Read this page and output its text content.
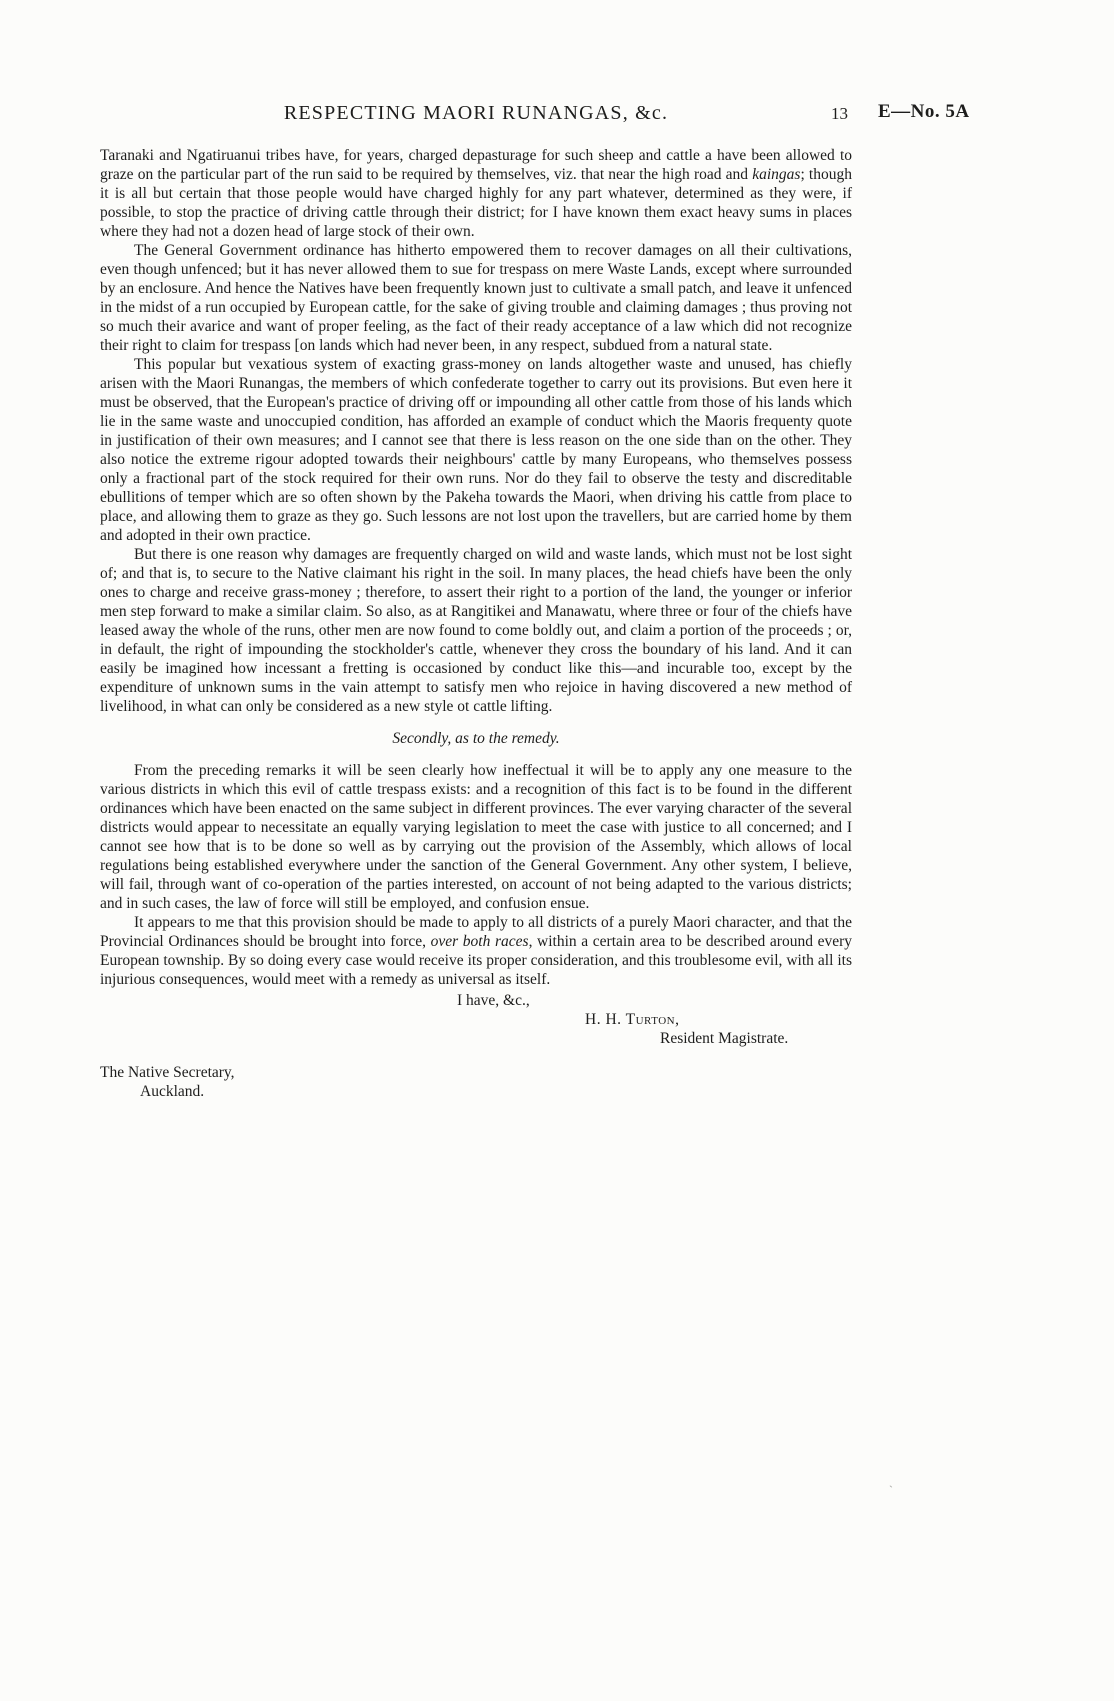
RESPECTING MAORI RUNANGAS, &c.	13 E—No. 5A

Taranaki and Ngatiruanui tribes have, for years, charged depasturage for such sheep and cattle a have been allowed to graze on the particular part of the run said to be required by themselves, viz. that near the high road and kaingas; though it is all but certain that those people would have charged highly for any part whatever, determined as they were, if possible, to stop the practice of driving cattle through their district; for I have known them exact heavy sums in places where they had not a dozen head of large stock of their own.

The General Government ordinance has hitherto empowered them to recover damages on all their cultivations, even though unfenced; but it has never allowed them to sue for trespass on mere Waste Lands, except where surrounded by an enclosure. And hence the Natives have been frequently known just to cultivate a small patch, and leave it unfenced in the midst of a run occupied by European cattle, for the sake of giving trouble and claiming damages ; thus proving not so much their avarice and want of proper feeling, as the fact of their ready acceptance of a law which did not recognize their right to claim for trespass [on lands which had never been, in any respect, subdued from a natural state.

This popular but vexatious system of exacting grass-money on lands altogether waste and unused, has chiefly arisen with the Maori Runangas, the members of which confederate together to carry out its provisions. But even here it must be observed, that the European's practice of driving off or impounding all other cattle from those of his lands which lie in the same waste and unoccupied condition, has afforded an example of conduct which the Maoris frequenty quote in justification of their own measures; and I cannot see that there is less reason on the one side than on the other. They also notice the extreme rigour adopted towards their neighbours' cattle by many Europeans, who themselves possess only a fractional part of the stock required for their own runs. Nor do they fail to observe the testy and discreditable ebullitions of temper which are so often shown by the Pakeha towards the Maori, when driving his cattle from place to place, and allowing them to graze as they go. Such lessons are not lost upon the travellers, but are carried home by them and adopted in their own practice.

But there is one reason why damages are frequently charged on wild and waste lands, which must not be lost sight of; and that is, to secure to the Native claimant his right in the soil. In many places, the head chiefs have been the only ones to charge and receive grass-money ; therefore, to assert their right to a portion of the land, the younger or inferior men step forward to make a similar claim. So also, as at Rangitikei and Manawatu, where three or four of the chiefs have leased away the whole of the runs, other men are now found to come boldly out, and claim a portion of the proceeds ; or, in default, the right of impounding the stockholder's cattle, whenever they cross the boundary of his land. And it can easily be imagined how incessant a fretting is occasioned by conduct like this—and incurable too, except by the expenditure of unknown sums in the vain attempt to satisfy men who rejoice in having discovered a new method of livelihood, in what can only be considered as a new style ot cattle lifting.

Secondly, as to the remedy.

From the preceding remarks it will be seen clearly how ineffectual it will be to apply any one measure to the various districts in which this evil of cattle trespass exists: and a recognition of this fact is to be found in the different ordinances which have been enacted on the same subject in different provinces. The ever varying character of the several districts would appear to necessitate an equally varying legislation to meet the case with justice to all concerned; and I cannot see how that is to be done so well as by carrying out the provision of the Assembly, which allows of local regulations being established everywhere under the sanction of the General Government. Any other system, I believe, will fail, through want of co-operation of the parties interested, on account of not being adapted to the various districts; and in such cases, the law of force will still be employed, and confusion ensue.

It appears to me that this provision should be made to apply to all districts of a purely Maori character, and that the Provincial Ordinances should be brought into force, over both races, within a certain area to be described around every European township. By so doing every case would receive its proper consideration, and this troublesome evil, with all its injurious consequences, would meet with a remedy as universal as itself.

I have, &c.,
H. H. Turton,
Resident Magistrate.
The Native Secretary,
Auckland.
`
